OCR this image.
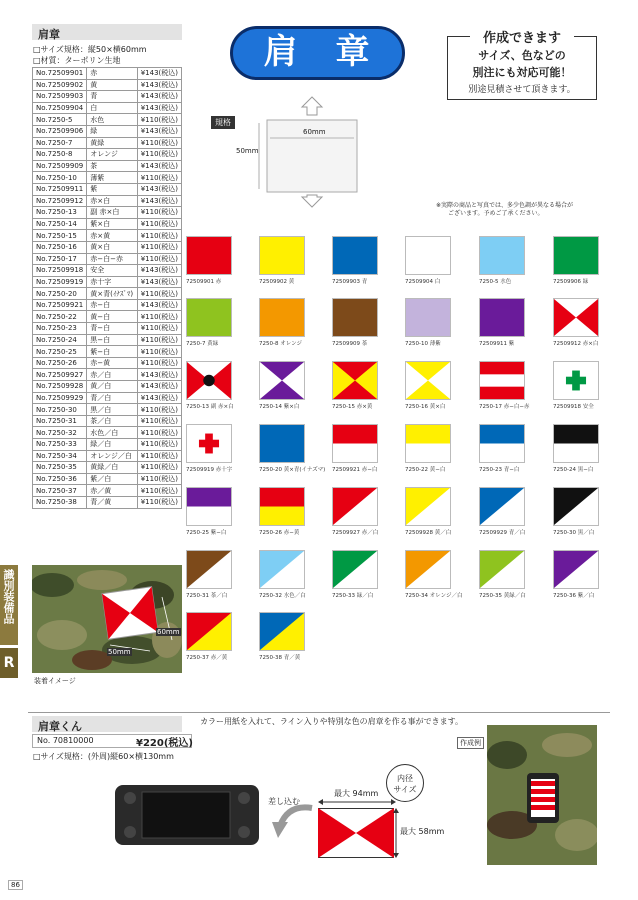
肩章
□サイズ規格：縦50×横60mm
□材質：ターポリン生地
No.72509901	赤	¥143(税込)
No.72509902	黄	¥143(税込)
No.72509903	青	¥143(税込)
No.72509904	白	¥143(税込)
No.7250-5	水色	¥110(税込)
No.72509906	緑	¥143(税込)
No.7250-7	黄緑	¥110(税込)
No.7250-8	オレンジ	¥110(税込)
No.72509909	茶	¥143(税込)
No.7250-10	薄紫	¥110(税込)
No.72509911	紫	¥143(税込)
No.72509912	赤×白	¥143(税込)
No.7250-13	副 赤×白	¥110(税込)
No.7250-14	紫×白	¥110(税込)
No.7250-15	赤×黄	¥110(税込)
No.7250-16	黄×白	¥110(税込)
No.7250-17	赤−白−赤	¥110(税込)
No.72509918	安全	¥143(税込)
No.72509919	赤十字	¥143(税込)
No.7250-20	黄×青(ｲﾅｽﾞﾏ)	¥110(税込)
No.72509921	赤−白	¥143(税込)
No.7250-22	黄−白	¥110(税込)
No.7250-23	青−白	¥110(税込)
No.7250-24	黒−白	¥110(税込)
No.7250-25	紫−白	¥110(税込)
No.7250-26	赤−黄	¥110(税込)
No.72509927	赤／白	¥143(税込)
No.72509928	黄／白	¥143(税込)
No.72509929	青／白	¥143(税込)
No.7250-30	黒／白	¥110(税込)
No.7250-31	茶／白	¥110(税込)
No.7250-32	水色／白	¥110(税込)
No.7250-33	緑／白	¥110(税込)
No.7250-34	オレンジ／白	¥110(税込)
No.7250-35	黄緑／白	¥110(税込)
No.7250-36	紫／白	¥110(税込)
No.7250-37	赤／黄	¥110(税込)
No.7250-38	青／黄	¥110(税込)
肩　章	作成できます
サイズ、色などの
別注にも対応可能！
別途見積させて頂きます。
規格
60mm
50mm
※実際の商品と写真では、多少色調が異なる場合が
ございます。予めご了承ください。
72509901 赤	72509902 黄	72509903 青	72509904 白	7250-5 水色	72509906 緑
7250-7 黄緑	7250-8 オレンジ	72509909 茶	7250-10 薄紫	72509911 紫	72509912 赤×白
7250-13 副 赤×白	7250-14 紫×白	7250-15 赤×黄	7250-16 黄×白	7250-17 赤−白−赤	72509918 安全
72509919 赤十字	7250-20 黄×青(イナズマ) 72509921 赤−白	7250-22 黄−白	7250-23 青−白	7250-24 黒−白
7250-25 紫−白	7250-26 赤−黄	72509927 赤／白	72509928 黄／白	72509929 青／白	7250-30 黒／白
7250-31 茶／白	7250-32 水色／白	7250-33 緑／白	7250-34 オレンジ／白	7250-35 黄緑／白	7250-36 紫／白
7250-37 赤／黄	7250-38 青／黄
60mm
50mm
装着イメージ
識別装備品
R
肩章くん
No. 70810000	¥220(税込)
□サイズ規格：(外周)縦60×横130mm
カラー用紙を入れて、ライン入りや特別な色の肩章を作る事ができます。
差し込む
内径
サイズ
最大 94mm
最大 58mm
作成例
86
